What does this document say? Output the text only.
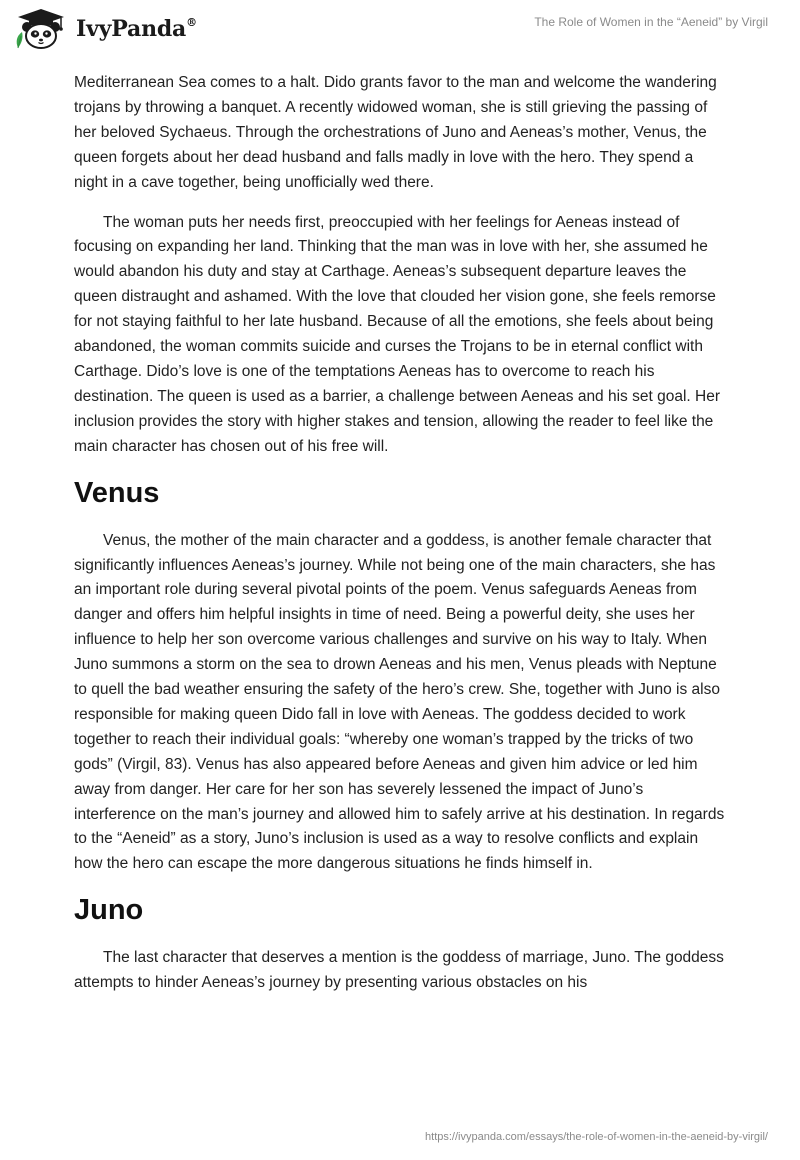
IvyPanda®	The Role of Women in the “Aeneid” by Virgil

Mediterranean Sea comes to a halt. Dido grants favor to the man and welcome the wandering trojans by throwing a banquet. A recently widowed woman, she is still grieving the passing of her beloved Sychaeus. Through the orchestrations of Juno and Aeneas’s mother, Venus, the queen forgets about her dead husband and falls madly in love with the hero. They spend a night in a cave together, being unofficially wed there.

The woman puts her needs first, preoccupied with her feelings for Aeneas instead of focusing on expanding her land. Thinking that the man was in love with her, she assumed he would abandon his duty and stay at Carthage. Aeneas’s subsequent departure leaves the queen distraught and ashamed. With the love that clouded her vision gone, she feels remorse for not staying faithful to her late husband. Because of all the emotions, she feels about being abandoned, the woman commits suicide and curses the Trojans to be in eternal conflict with Carthage. Dido’s love is one of the temptations Aeneas has to overcome to reach his destination. The queen is used as a barrier, a challenge between Aeneas and his set goal. Her inclusion provides the story with higher stakes and tension, allowing the reader to feel like the main character has chosen out of his free will.

Venus

Venus, the mother of the main character and a goddess, is another female character that significantly influences Aeneas’s journey. While not being one of the main characters, she has an important role during several pivotal points of the poem. Venus safeguards Aeneas from danger and offers him helpful insights in time of need. Being a powerful deity, she uses her influence to help her son overcome various challenges and survive on his way to Italy. When Juno summons a storm on the sea to drown Aeneas and his men, Venus pleads with Neptune to quell the bad weather ensuring the safety of the hero’s crew. She, together with Juno is also responsible for making queen Dido fall in love with Aeneas. The goddess decided to work together to reach their individual goals: “whereby one woman’s trapped by the tricks of two gods” (Virgil, 83). Venus has also appeared before Aeneas and given him advice or led him away from danger. Her care for her son has severely lessened the impact of Juno’s interference on the man’s journey and allowed him to safely arrive at his destination. In regards to the “Aeneid” as a story, Juno’s inclusion is used as a way to resolve conflicts and explain how the hero can escape the more dangerous situations he finds himself in.

Juno

The last character that deserves a mention is the goddess of marriage, Juno. The goddess attempts to hinder Aeneas’s journey by presenting various obstacles on his

https://ivypanda.com/essays/the-role-of-women-in-the-aeneid-by-virgil/
